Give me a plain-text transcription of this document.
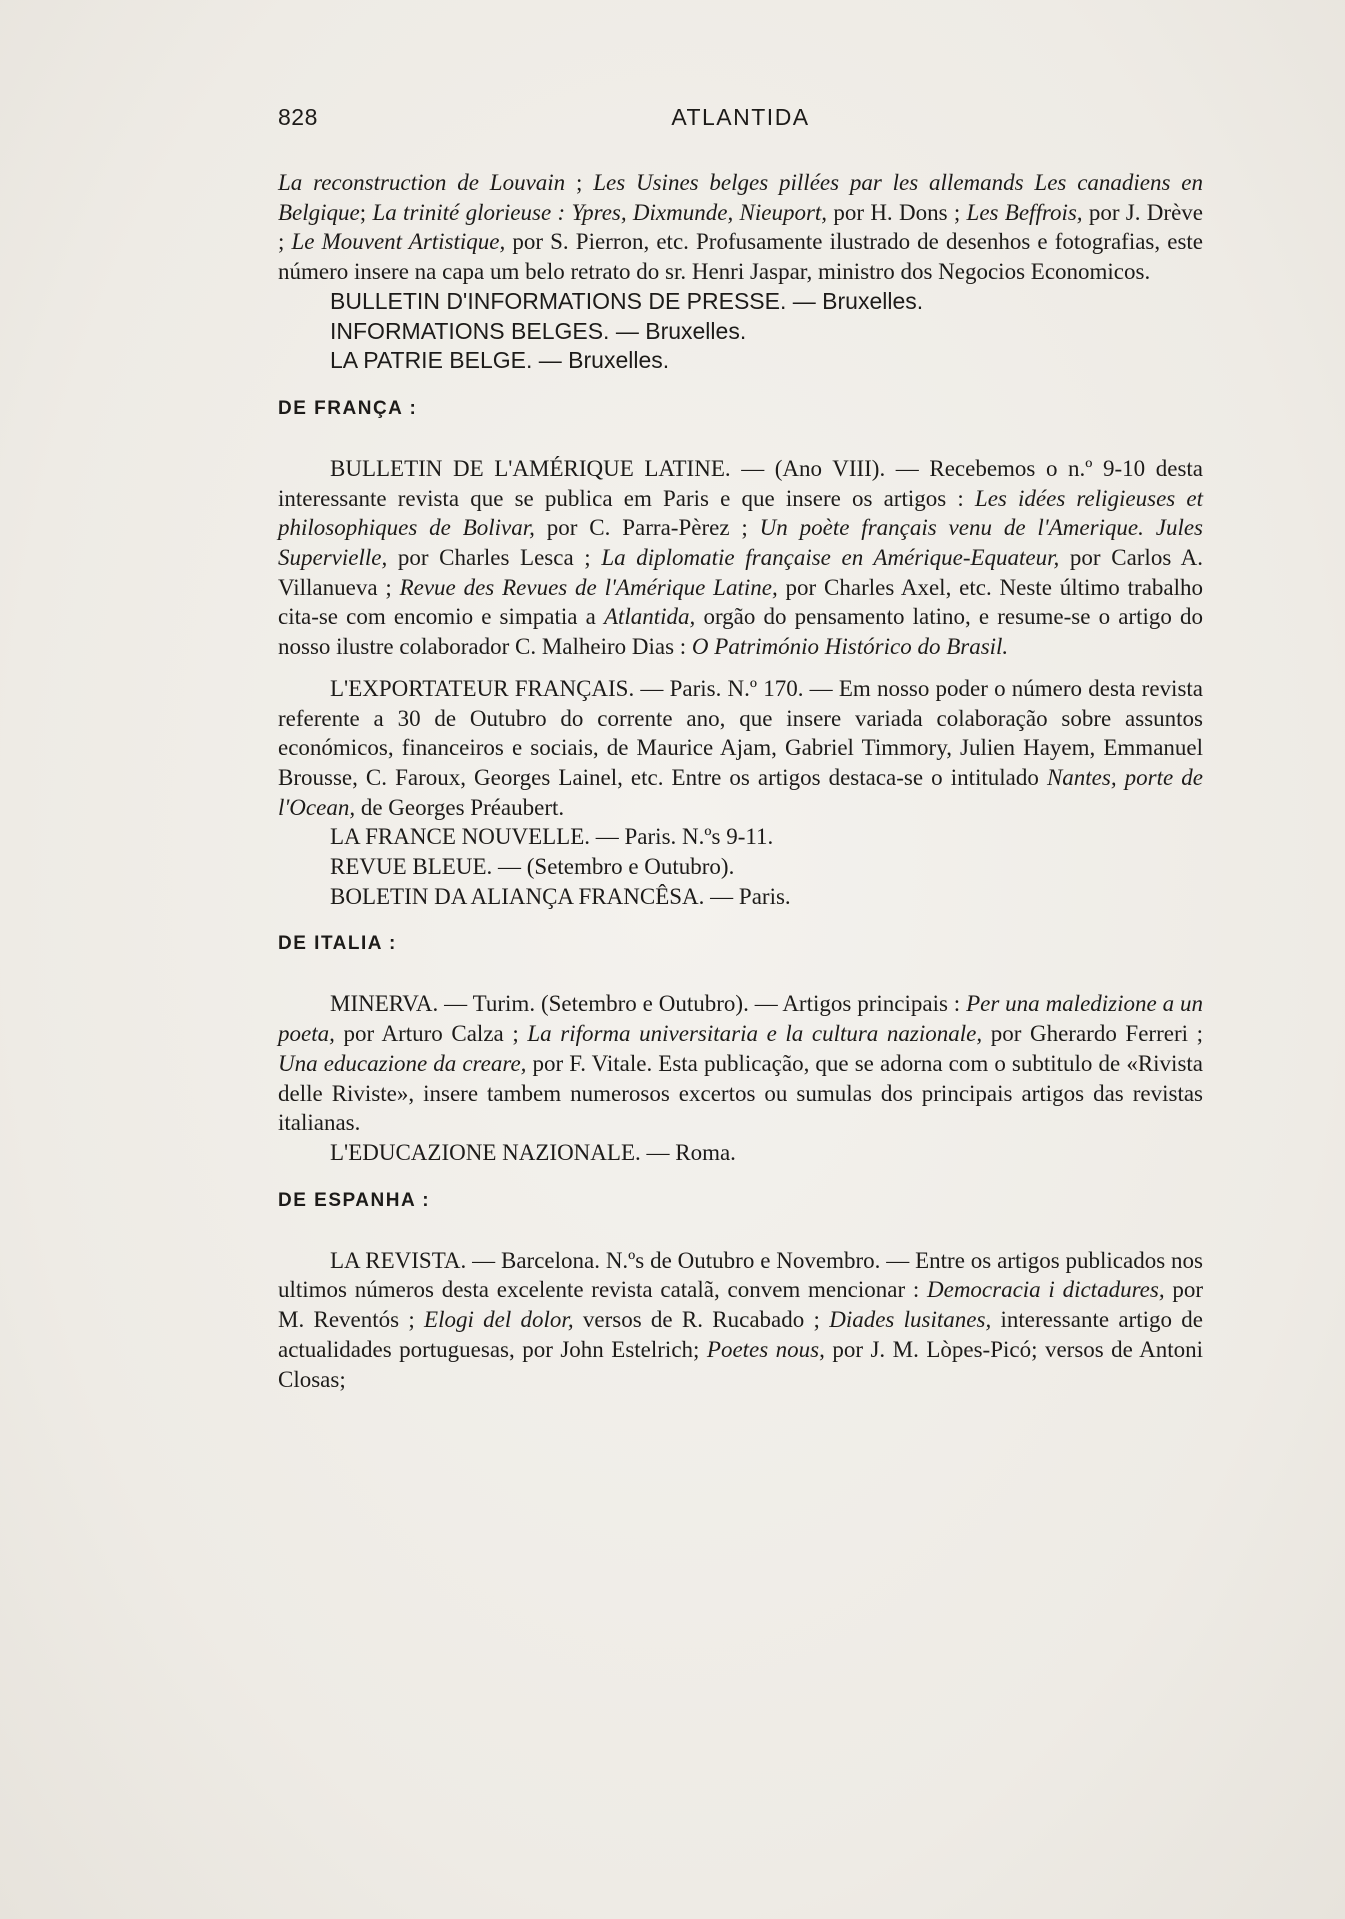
828	ATLANTIDA

La reconstruction de Louvain ; Les Usines belges pillées par les allemands Les canadiens en Belgique; La trinité glorieuse : Ypres, Dixmunde, Nieuport, por H. Dons ; Les Beffrois, por J. Drève ; Le Mouvent Artistique, por S. Pierron, etc. Profusamente ilustrado de desenhos e fotografias, este número insere na capa um belo retrato do sr. Henri Jaspar, ministro dos Negocios Economicos.

BULLETIN D'INFORMATIONS DE PRESSE. — Bruxelles.

INFORMATIONS BELGES. — Bruxelles.

LA PATRIE BELGE. — Bruxelles.

DE FRANÇA :

BULLETIN DE L'AMÉRIQUE LATINE. — (Ano VIII). — Recebemos o n.º 9-10 desta interessante revista que se publica em Paris e que insere os artigos : Les idées religieuses et philosophiques de Bolivar, por C. Parra-Pèrez ; Un poète français venu de l'Amerique. Jules Supervielle, por Charles Lesca ; La diplomatie française en Amérique-Equateur, por Carlos A. Villanueva ; Revue des Revues de l'Amérique Latine, por Charles Axel, etc. Neste último trabalho cita-se com encomio e simpatia a Atlantida, orgão do pensamento latino, e resume-se o artigo do nosso ilustre colaborador C. Malheiro Dias : O Património Histórico do Brasil.

L'EXPORTATEUR FRANÇAIS. — Paris. N.º 170. — Em nosso poder o número desta revista referente a 30 de Outubro do corrente ano, que insere variada colaboração sobre assuntos económicos, financeiros e sociais, de Maurice Ajam, Gabriel Timmory, Julien Hayem, Emmanuel Brousse, C. Faroux, Georges Lainel, etc. Entre os artigos destaca-se o intitulado Nantes, porte de l'Ocean, de Georges Préaubert.

LA FRANCE NOUVELLE. — Paris. N.ºs 9-11.

REVUE BLEUE. — (Setembro e Outubro).

BOLETIN DA ALIANÇA FRANCÊSA. — Paris.

DE ITALIA :

MINERVA. — Turim. (Setembro e Outubro). — Artigos principais : Per una maledizione a un poeta, por Arturo Calza ; La riforma universitaria e la cultura nazionale, por Gherardo Ferreri ; Una educazione da creare, por F. Vitale. Esta publicação, que se adorna com o subtitulo de «Rivista delle Riviste», insere tambem numerosos excertos ou sumulas dos principais artigos das revistas italianas.

L'EDUCAZIONE NAZIONALE. — Roma.

DE ESPANHA :

LA REVISTA. — Barcelona. N.ºs de Outubro e Novembro. — Entre os artigos publicados nos ultimos números desta excelente revista catalã, convem mencionar : Democracia i dictadures, por M. Reventós ; Elogi del dolor, versos de R. Rucabado ; Diades lusitanes, interessante artigo de actualidades portuguesas, por John Estelrich; Poetes nous, por J. M. Lòpes-Picó; versos de Antoni Closas;
